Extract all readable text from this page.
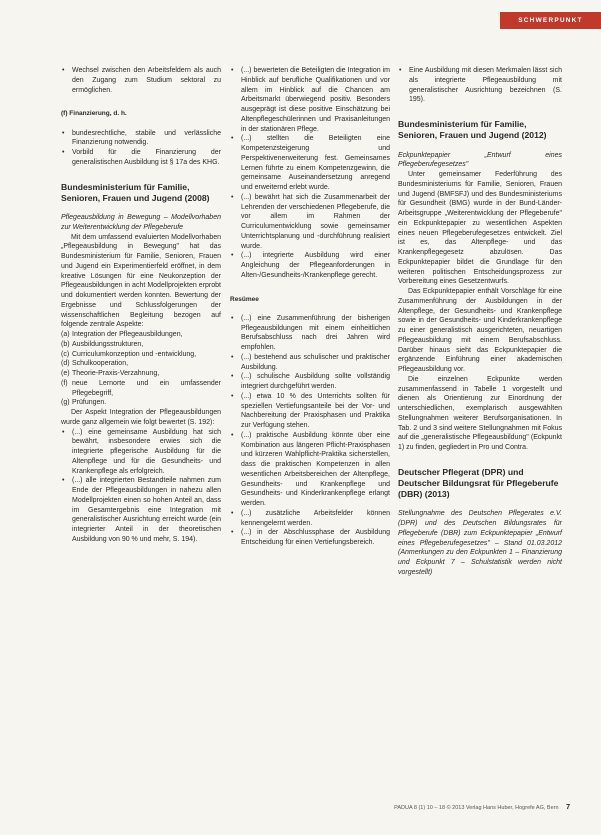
SCHWERPUNKT

• Wechsel zwischen den Arbeitsfeldern als auch den Zugang zum Studium sektoral zu ermöglichen.

(f) Finanzierung, d. h.

• bundesrechtliche, stabile und verlässliche Finanzierung notwendig.

• Vorbild für die Finanzierung der generalistischen Ausbildung ist § 17a des KHG.

Bundesministerium für Familie, Senioren, Frauen und Jugend (2008)

Pflegeausbildung in Bewegung – Modellvorhaben zur Weiterentwicklung der Pflegeberufe

Mit dem umfassend evaluierten Modellvorhaben „Pflegeausbildung in Bewegung" hat das Bundesministerium für Familie, Senioren, Frauen und Jugend ein Experimentierfeld eröffnet, in dem kreative Lösungen für eine Neukonzeption der Pflegeausbildungen in acht Modellprojekten erprobt und dokumentiert werden konnten. Bewertung der Ergebnisse und Schlussfolgerungen der wissenschaftlichen Begleitung bezogen auf folgende zentrale Aspekte:

(a) Integration der Pflegeausbildungen,

(b) Ausbildungsstrukturen,

(c) Curriculumkonzeption und -entwicklung,

(d) Schulkooperation,

(e) Theorie-Praxis-Verzahnung,

(f) neue Lernorte und ein umfassender Pflegebegriff,

(g) Prüfungen.

Der Aspekt Integration der Pflegeausbildungen wurde ganz allgemein wie folgt bewertet (S. 192):

• (...) eine gemeinsame Ausbildung hat sich bewährt, insbesondere erwies sich die integrierte pflegerische Ausbildung für die Altenpflege und für die Gesundheits- und Krankenpflege als erfolgreich.

• (...) alle integrierten Bestandteile nahmen zum Ende der Pflegeausbildungen in nahezu allen Modellprojekten einen so hohen Anteil an, dass im Gesamtergebnis eine Integration mit generalistischer Ausrichtung erreicht wurde (ein integrierter Anteil in der theoretischen Ausbildung von 90 % und mehr, S. 194).

• (...) bewerteten die Beteiligten die Integration im Hinblick auf berufliche Qualifikationen und vor allem im Hinblick auf die Chancen am Arbeitsmarkt überwiegend positiv. Besonders ausgeprägt ist diese positive Einschätzung bei Altenpflegeschülerinnen und Praxisanleitungen in der stationären Pflege.

• (...) stellten die Beteiligten eine Kompetenzsteigerung und Perspektivenerweiterung fest. Gemeinsames Lernen führte zu einem Kompetenzgewinn, die gemeinsame Auseinandersetzung anregend und erweiternd erlebt wurde.

• (...) bewährt hat sich die Zusammenarbeit der Lehrenden der verschiedenen Pflegeberufe, die vor allem im Rahmen der Curriculumentwicklung sowie gemeinsamer Unterrichtsplanung und -durchführung realisiert wurde.

• (...) integrierte Ausbildung wird einer Angleichung der Pflegeanforderungen in Alten-/Gesundheits-/Krankenpflege gerecht.

Resümee

• (...) eine Zusammenführung der bisherigen Pflegeausbildungen mit einem einheitlichen Berufsabschluss nach drei Jahren wird empfohlen.

• (...) bestehend aus schulischer und praktischer Ausbildung.

• (...) schulische Ausbildung sollte vollständig integriert durchgeführt werden.

• (...) etwa 10 % des Unterrichts sollten für speziellen Vertiefungsanteile bei der Vor- und Nachbereitung der Praxisphasen und Praktika zur Verfügung stehen.

• (...) praktische Ausbildung könnte über eine Kombination aus längeren Pflicht-Praxisphasen und kürzeren Wahlpflicht-Praktika sicherstellen, dass die praktischen Kompetenzen in allen wesentlichen Arbeitsbereichen der Altenpflege, Gesundheits- und Krankenpflege und Gesundheits- und Kinderkrankenpflege erlangt werden.

• (...) zusätzliche Arbeitsfelder können kennengelernt werden.

• (...) in der Abschlussphase der Ausbildung Entscheidung für einen Vertiefungsbereich.

• Eine Ausbildung mit diesen Merkmalen lässt sich als integrierte Pflegeausbildung mit generalistischer Ausrichtung bezeichnen (S. 195).

Bundesministerium für Familie, Senioren, Frauen und Jugend (2012)

Eckpunktepapier „Entwurf eines Pflegeberufegesetzes"

Unter gemeinsamer Federführung des Bundesministeriums für Familie, Senioren, Frauen und Jugend (BMFSFJ) und des Bundesministeriums für Gesundheit (BMG) wurde in der Bund-Länder-Arbeitsgruppe „Weiterentwicklung der Pflegeberufe" ein Eckpunktepapier zu wesentlichen Aspekten eines neuen Pflegeberufegesetzes entwickelt. Ziel ist es, das Altenpflege- und das Krankenpflegegesetz abzulösen. Das Eckpunktepapier bildet die Grundlage für den weiteren politischen Entscheidungsprozess zur Vorbereitung eines Gesetzentwurfs.

Das Eckpunktepapier enthält Vorschläge für eine Zusammenführung der Ausbildungen in der Altenpflege, der Gesundheits- und Krankenpflege sowie in der Gesundheits- und Kinderkrankenpflege zu einer generalistisch ausgerichteten, neuartigen Pflegeausbildung mit einem Berufsabschluss. Darüber hinaus sieht das Eckpunktepapier die ergänzende Einführung einer akademischen Pflegeausbildung vor.

Die einzelnen Eckpunkte werden zusammenfassend in Tabelle 1 vorgestellt und dienen als Orientierung zur Einordnung der unterschiedlichen, exemplarisch ausgewählten Stellungnahmen weiterer Berufsorganisationen. In Tab. 2 und 3 sind weitere Stellungnahmen mit Fokus auf die „generalistische Pflegeausbildung" (Eckpunkt 1) zu finden, gegliedert in Pro und Contra.

Deutscher Pflegerat (DPR) und Deutscher Bildungsrat für Pflegeberufe (DBR) (2013)

Stellungnahme des Deutschen Pflegerates e.V. (DPR) und des Deutschen Bildungsrates für Pflegeberufe (DBR) zum Eckpunktepapier „Entwurf eines Pflegeberufegesetzes" – Stand 01.03.2012 (Anmerkungen zu den Eckpunkten 1 – Finanzierung und Eckpunkt 7 – Schulstatistik werden nicht vorgestellt)

PADUA 8 (1) 10 – 18 © 2013 Verlag Hans Huber, Hogrefe AG, Bern 7
